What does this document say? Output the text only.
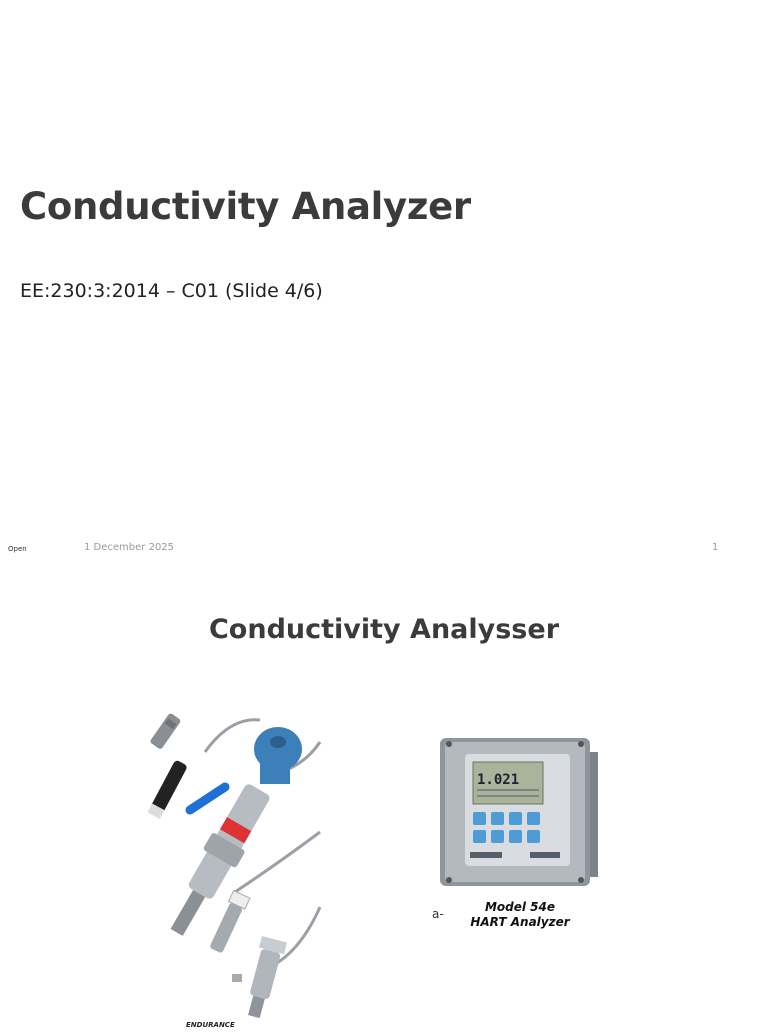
Conductivity Analyzer
EE:230:3:2014 – C01 (Slide 4/6)
Open	1 December 2025	1
Conductivity Analysser
ENDURANCE
1.021
a-	Model 54e
HART Analyzer
